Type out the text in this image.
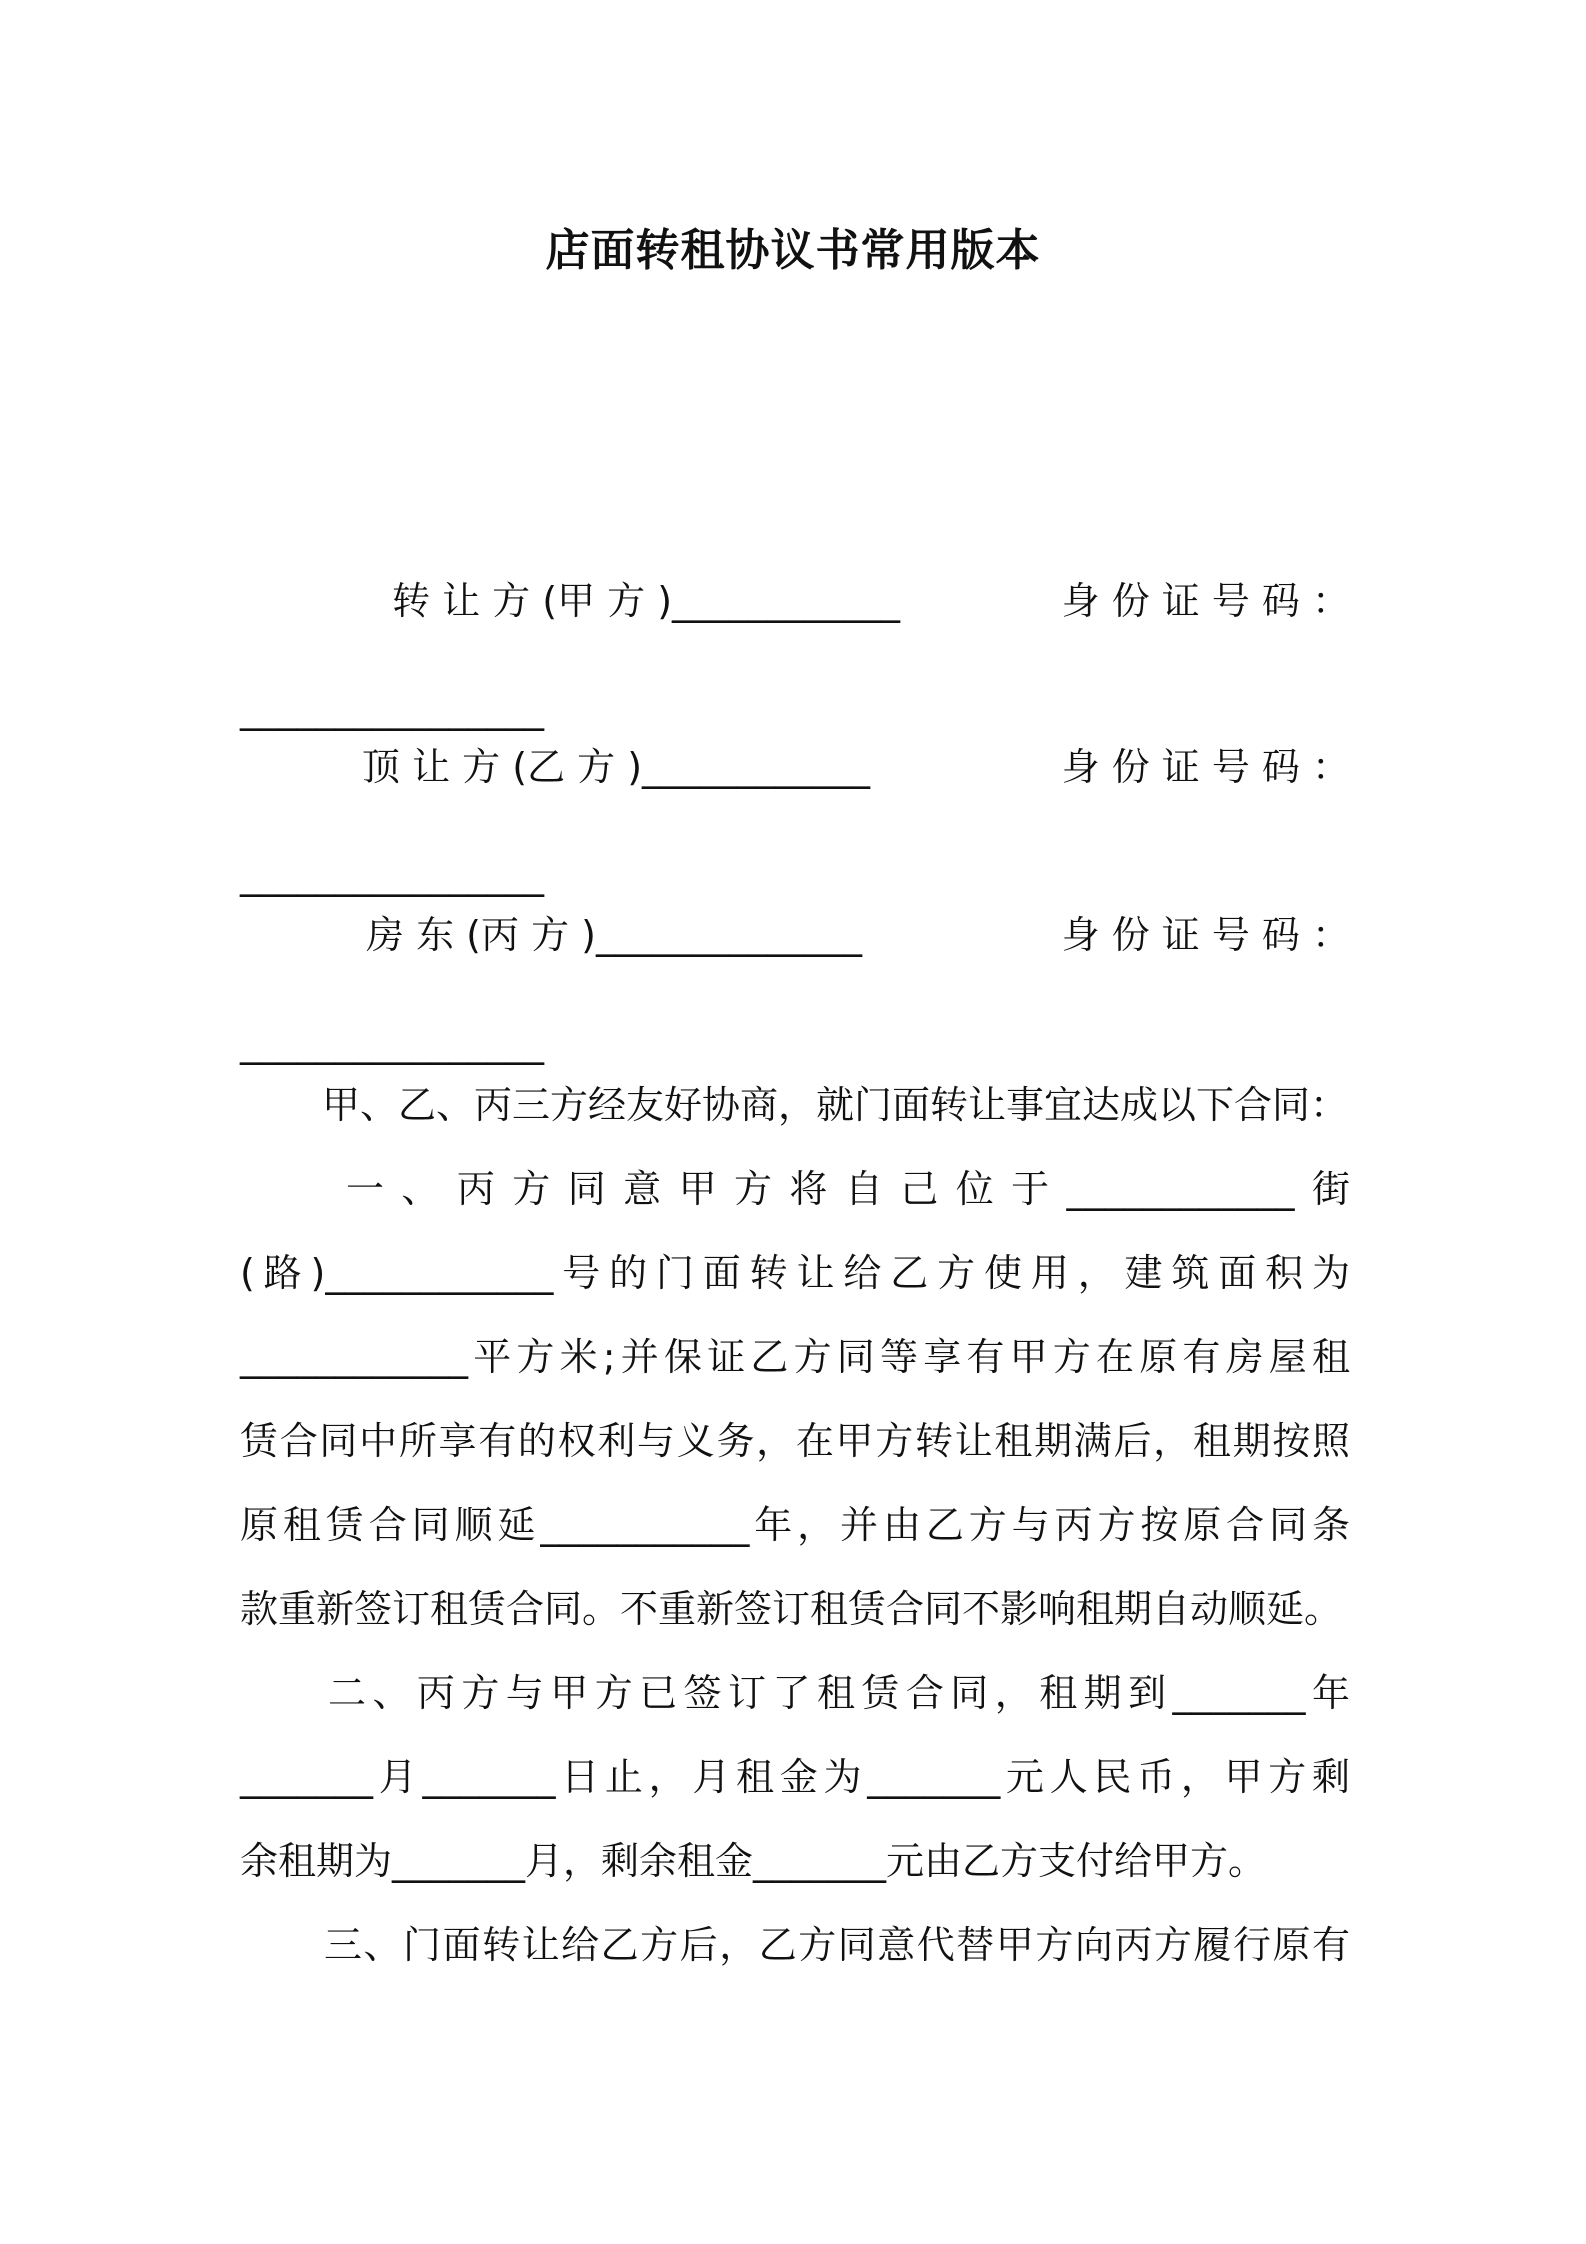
店面转租协议书常用版本
转 让 方 (甲 方 )____________	身 份 证 号 码 ：
________________
顶 让 方 (乙 方 )____________	身 份 证 号 码 ：
________________
房 东 (丙 方 )______________	身 份 证 号 码 ：
________________
甲、乙、丙三方经友好协商，就门面转让事宜达成以下合同：
一、丙方同意甲方将自己位于____________街
(路)____________号的门面转让给乙方使用，建筑面积为
____________平方米;并保证乙方同等享有甲方在原有房屋租
赁合同中所享有的权利与义务，在甲方转让租期满后，租期按照
原租赁合同顺延___________年，并由乙方与丙方按原合同条
款重新签订租赁合同。不重新签订租赁合同不影响租期自动顺延。
二、丙方与甲方已签订了租赁合同，租期到_______年
_______月_______日止，月租金为_______元人民币，甲方剩
余租期为_______月，剩余租金_______元由乙方支付给甲方。
三、门面转让给乙方后，乙方同意代替甲方向丙方履行原有
